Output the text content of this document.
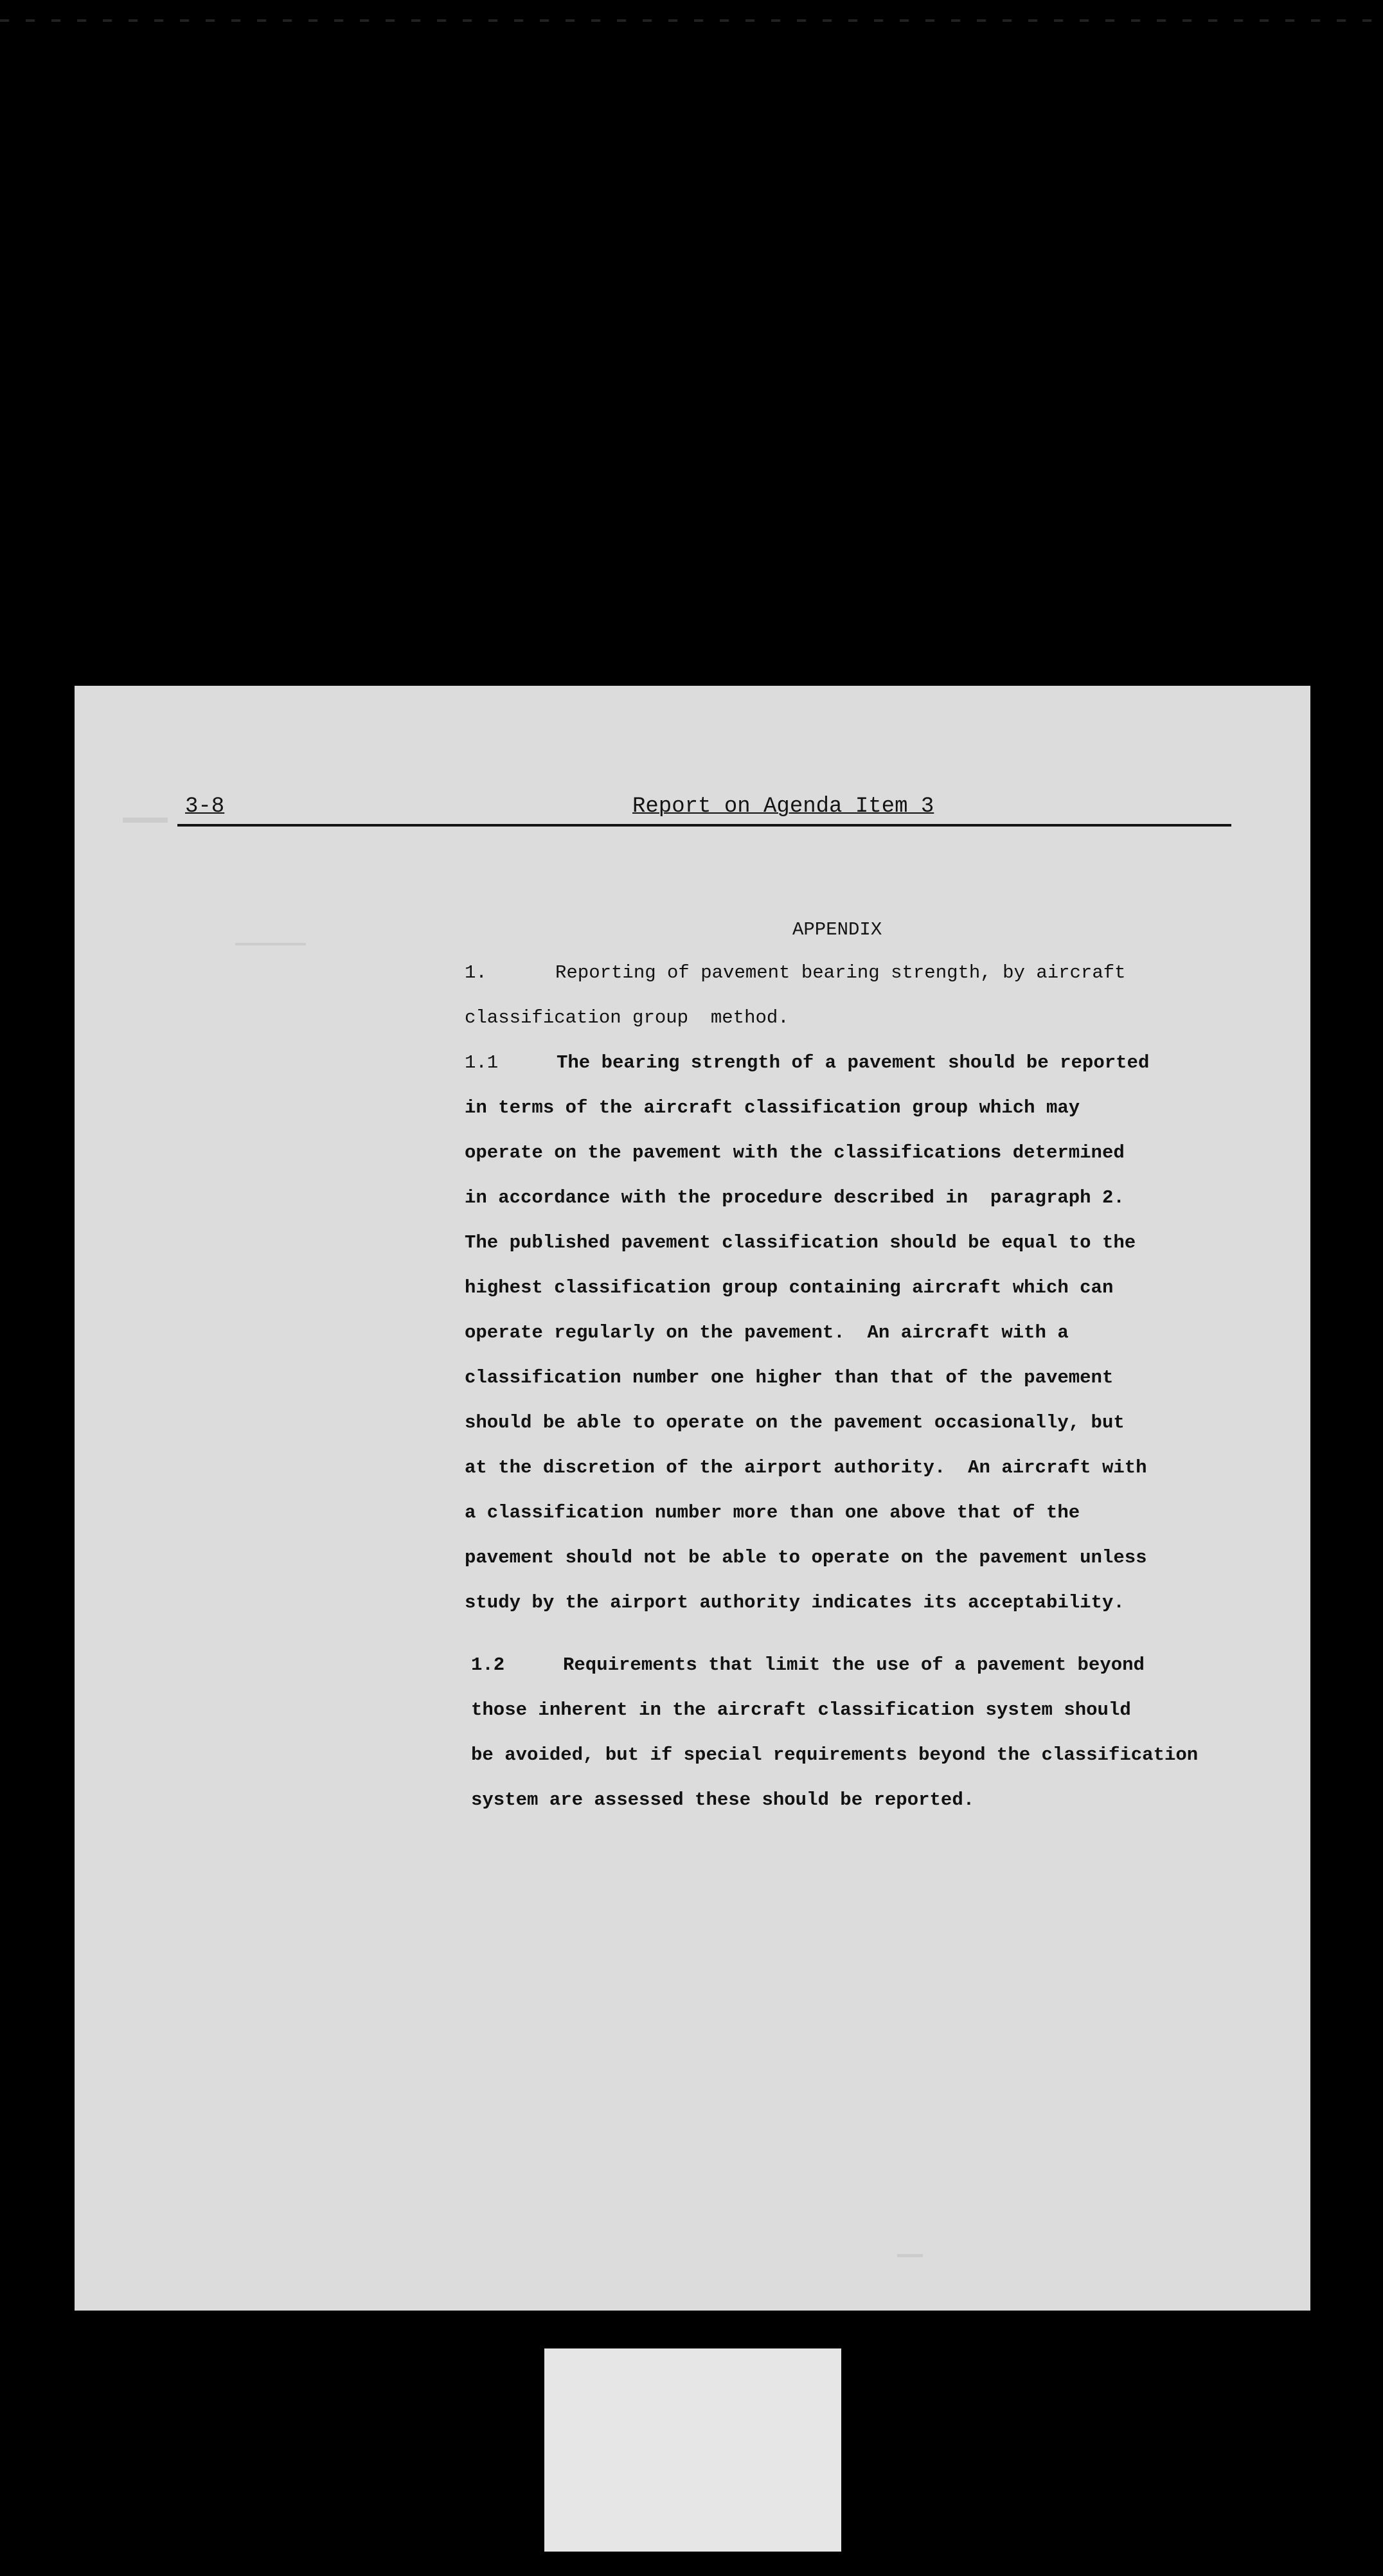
3-8	Report on Agenda Item 3
APPENDIX
1.	Reporting of pavement bearing strength, by aircraft
classification group  method.
1.1	The bearing strength of a pavement should be reported
in terms of the aircraft classification group which may
operate on the pavement with the classifications determined
in accordance with the procedure described in  paragraph 2.
The published pavement classification should be equal to the
highest classification group containing aircraft which can
operate regularly on the pavement.  An aircraft with a
classification number one higher than that of the pavement
should be able to operate on the pavement occasionally, but
at the discretion of the airport authority.  An aircraft with
a classification number more than one above that of the
pavement should not be able to operate on the pavement unless
study by the airport authority indicates its acceptability.
1.2	Requirements that limit the use of a pavement beyond
those inherent in the aircraft classification system should
be avoided, but if special requirements beyond the classification
system are assessed these should be reported.
